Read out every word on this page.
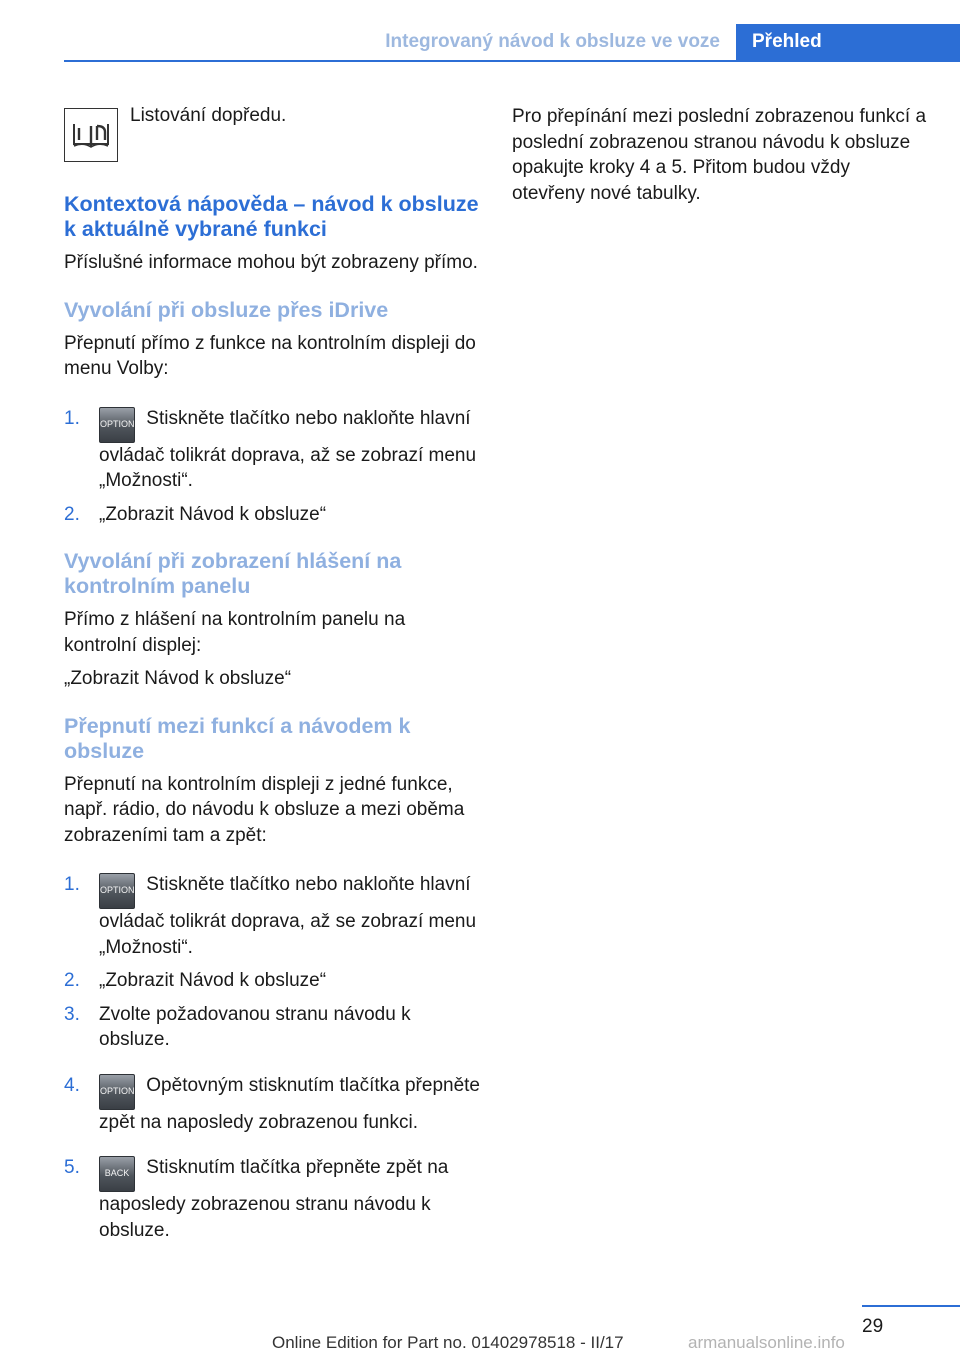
Integrovaný návod k obsluze ve voze	Přehled
Listování dopředu.
Kontextová nápověda – návod k obsluze k aktuálně vybrané funkci

Příslušné informace mohou být zobrazeny přímo.

Vyvolání při obsluze přes iDrive

Přepnutí přímo z funkce na kontrolním displeji do menu Volby:

1. OPTION Stiskněte tlačítko nebo nakloňte hlavní ovládač tolikrát doprava, až se zobrazí menu „Možnosti“.
2. „Zobrazit Návod k obsluze“
Vyvolání při zobrazení hlášení na kontrolním panelu

Přímo z hlášení na kontrolním panelu na kontrolní displej:

„Zobrazit Návod k obsluze“

Přepnutí mezi funkcí a návodem k obsluze

Přepnutí na kontrolním displeji z jedné funkce, např. rádio, do návodu k obsluze a mezi oběma zobrazeními tam a zpět:

1. OPTION Stiskněte tlačítko nebo nakloňte hlavní ovládač tolikrát doprava, až se zobrazí menu „Možnosti“.
2. „Zobrazit Návod k obsluze“
3. Zvolte požadovanou stranu návodu k obsluze.
4. OPTION Opětovným stisknutím tlačítka přepněte zpět na naposledy zobrazenou funkci.
5.	BACK Stisknutím tlačítka přepněte zpět na naposledy zobrazenou stranu návodu k obsluze.

Pro přepínání mezi poslední zobrazenou funkcí a poslední zobrazenou stranou návodu k obsluze opakujte kroky 4 a 5. Přitom budou vždy otevřeny nové tabulky.

29
Online Edition for Part no. 01402978518 - II/17	armanualsonline.info
